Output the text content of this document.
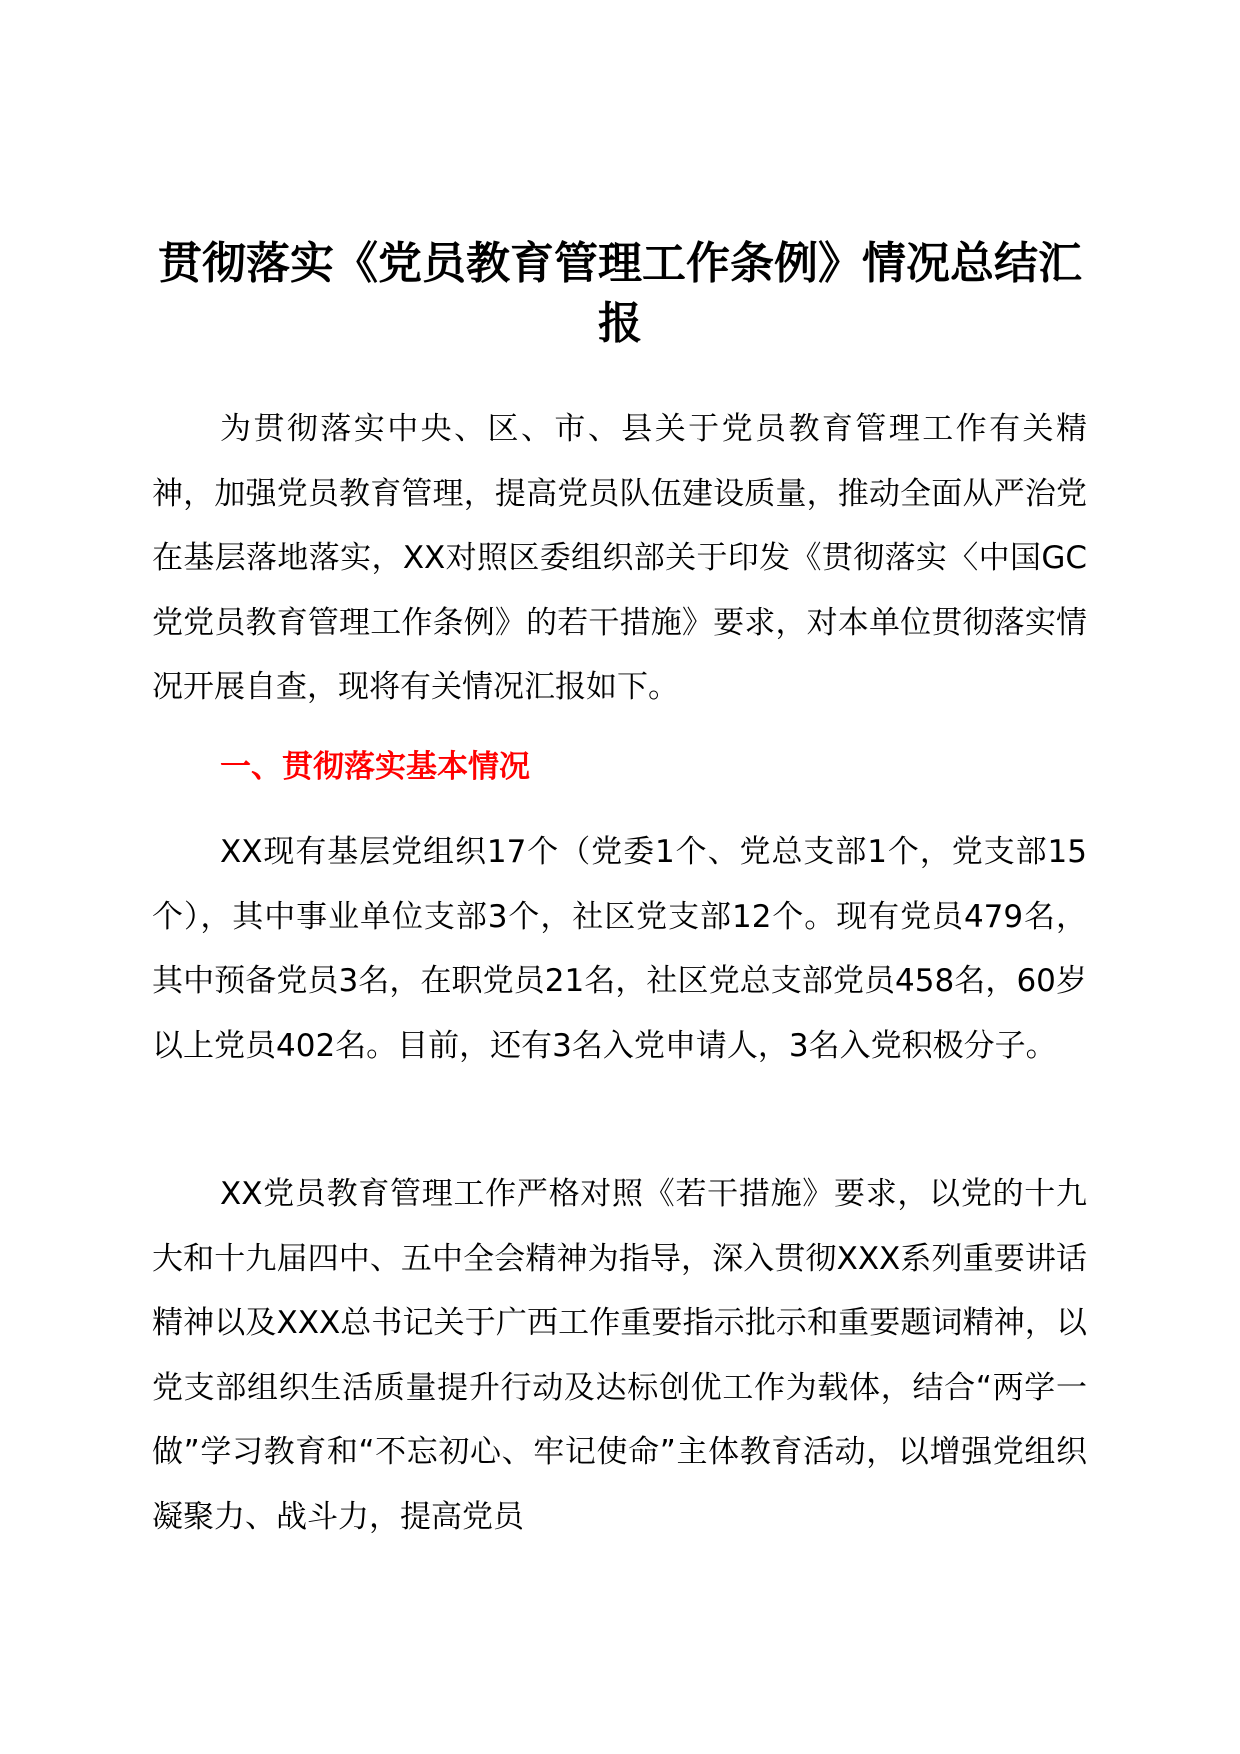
贯彻落实《党员教育管理工作条例》情况总结汇报

为贯彻落实中央、区、市、县关于党员教育管理工作有关精神，加强党员教育管理，提高党员队伍建设质量，推动全面从严治党在基层落地落实，XX对照区委组织部关于印发《贯彻落实〈中国GC党党员教育管理工作条例》的若干措施》要求，对本单位贯彻落实情况开展自查，现将有关情况汇报如下。

一、贯彻落实基本情况

XX现有基层党组织17个（党委1个、党总支部1个，党支部15个），其中事业单位支部3个，社区党支部12个。现有党员479名，其中预备党员3名，在职党员21名，社区党总支部党员458名，60岁以上党员402名。目前，还有3名入党申请人，3名入党积极分子。

XX党员教育管理工作严格对照《若干措施》要求，以党的十九大和十九届四中、五中全会精神为指导，深入贯彻XXX系列重要讲话精神以及XXX总书记关于广西工作重要指示批示和重要题词精神，以党支部组织生活质量提升行动及达标创优工作为载体，结合“两学一做”学习教育和“不忘初心、牢记使命”主体教育活动，以增强党组织凝聚力、战斗力，提高党员
